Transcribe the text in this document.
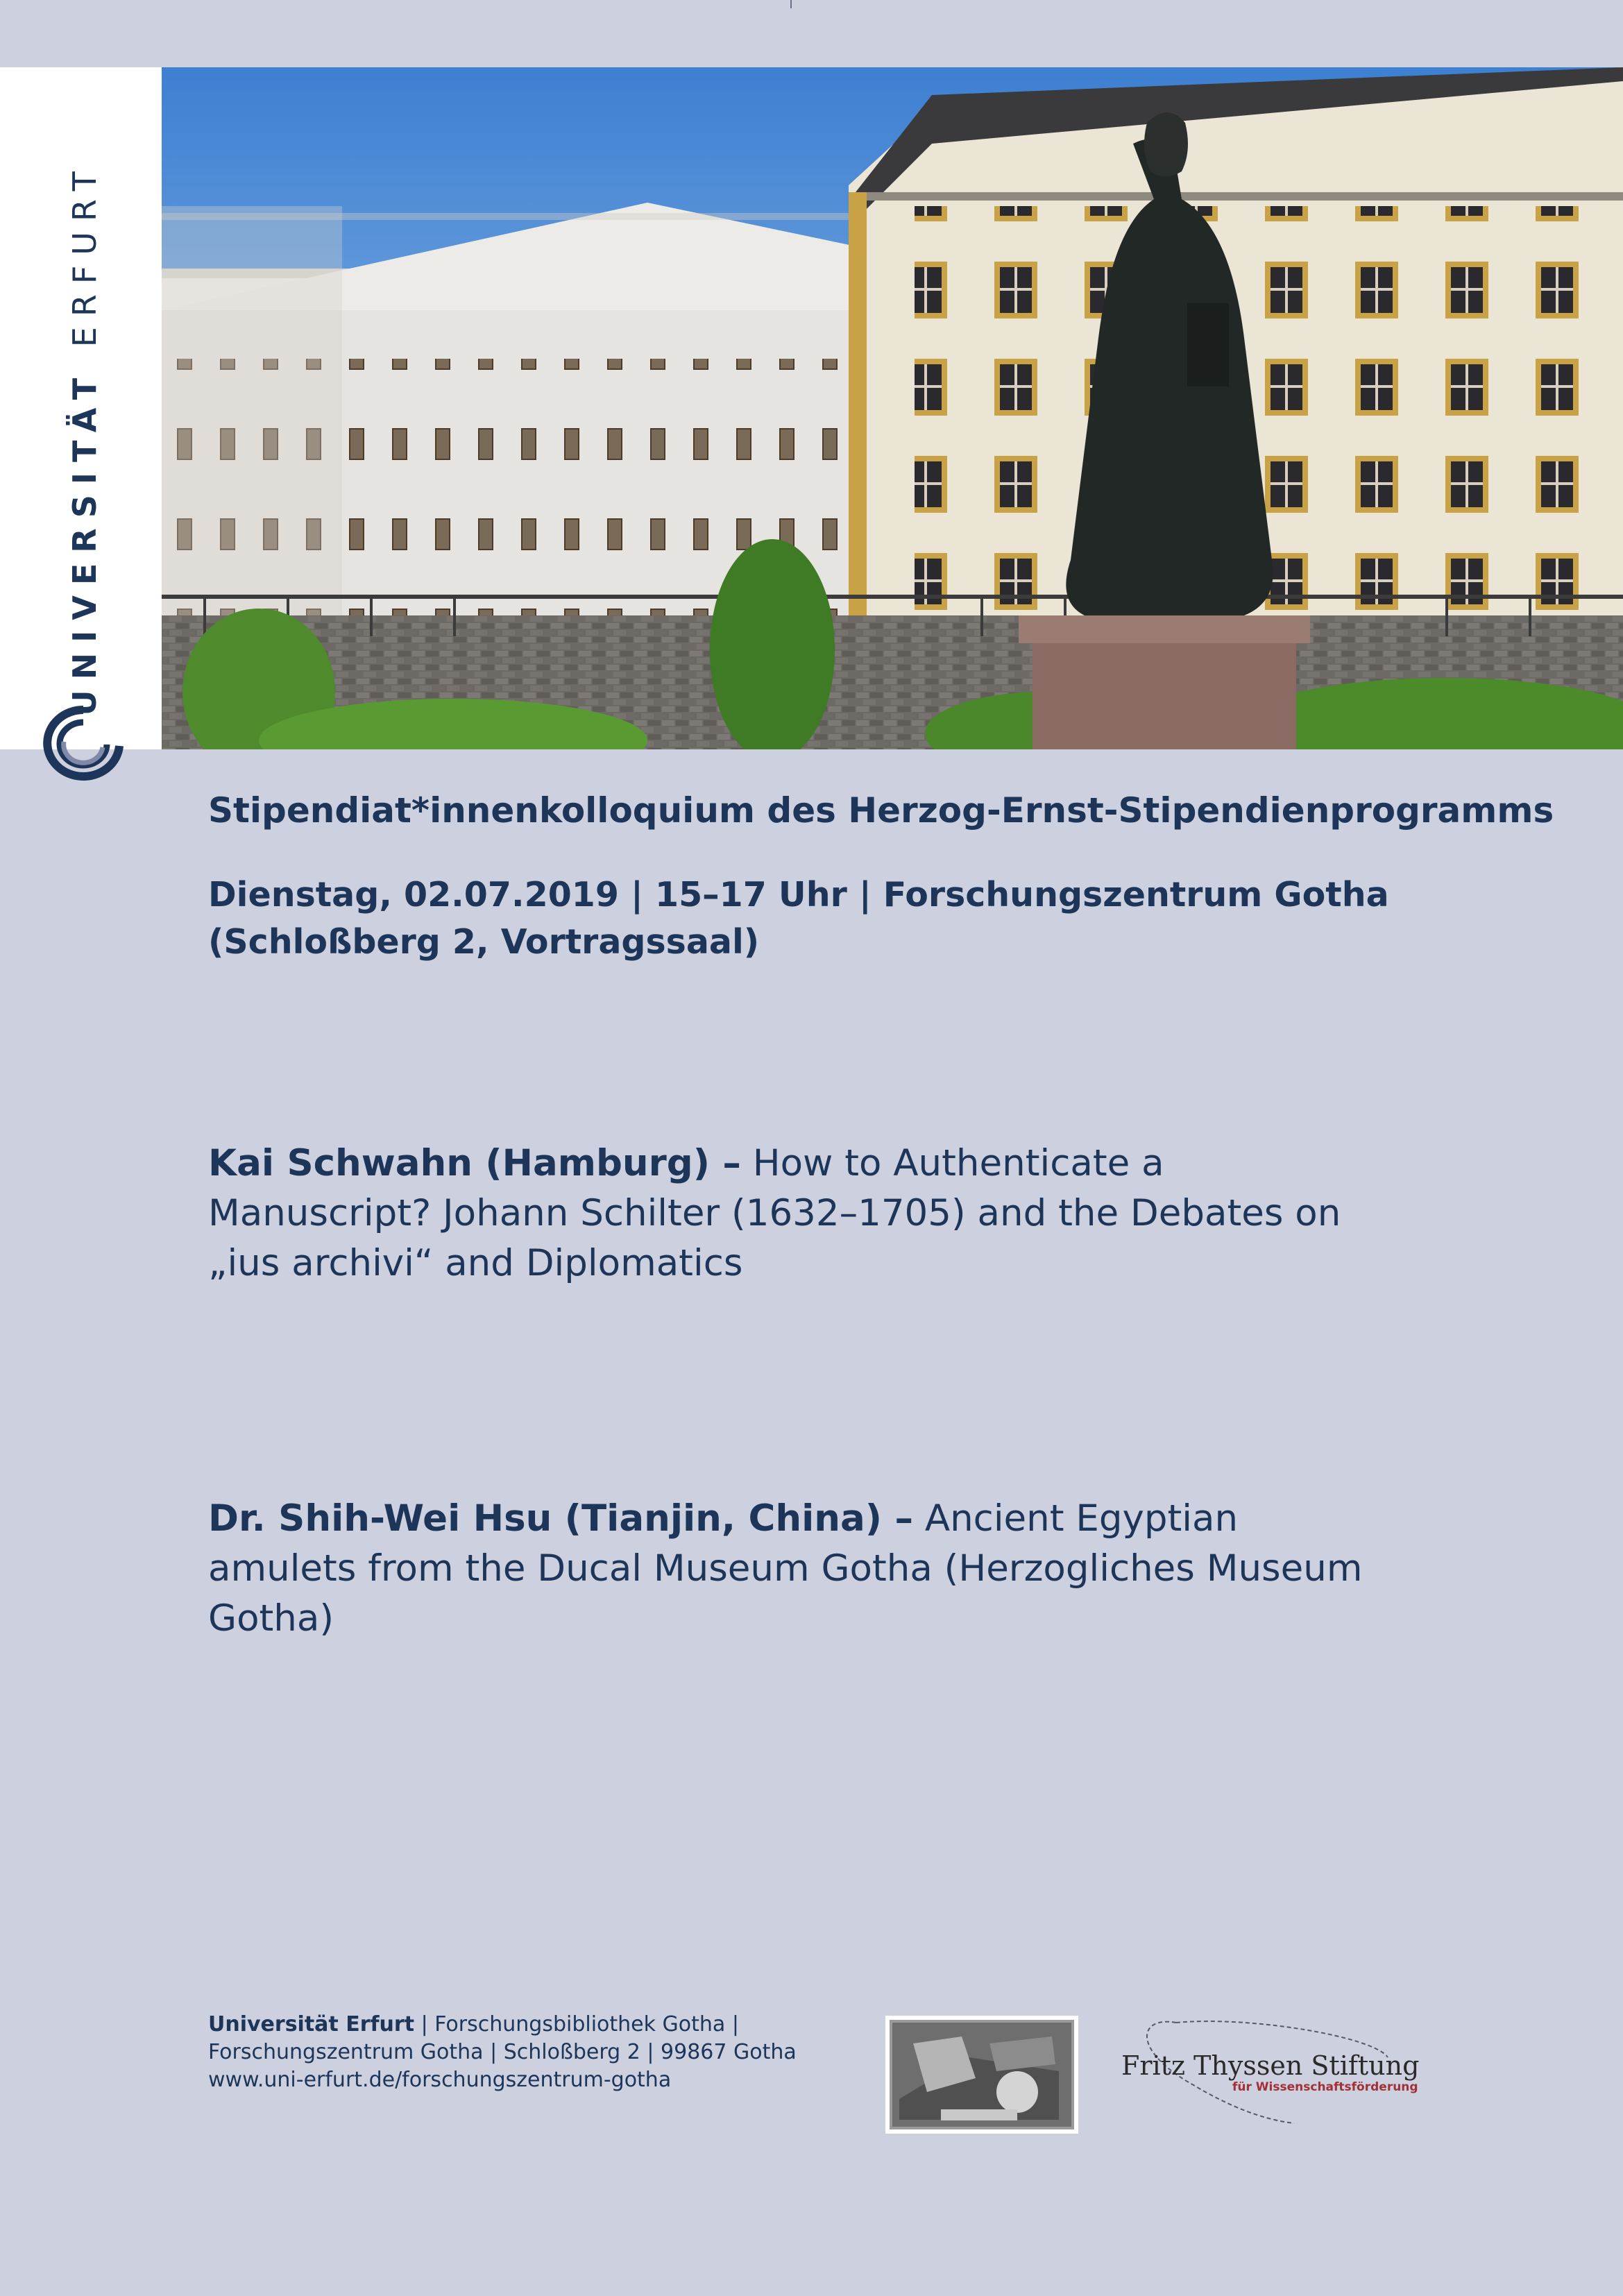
UNIVERSITÄT ERFURT
Stipendiat*innenkolloquium des Herzog-Ernst-Stipendienprogramms

Dienstag, 02.07.2019 | 15–17 Uhr | Forschungszentrum Gotha
(Schloßberg 2, Vortragssaal)

Kai Schwahn (Hamburg) – How to Authenticate a Manuscript? Johann Schilter (1632–1705) and the Debates on „ius archivi“ and Diplomatics

Dr. Shih-Wei Hsu (Tianjin, China) – Ancient Egyptian amulets from the Ducal Museum Gotha (Herzogliches Museum Gotha)

Universität Erfurt | Forschungsbibliothek Gotha | Forschungszentrum Gotha | Schloßberg 2 | 99867 Gotha www.uni-erfurt.de/forschungszentrum-gotha	Fritz Thyssen Stiftung
für Wissenschaftsförderung
